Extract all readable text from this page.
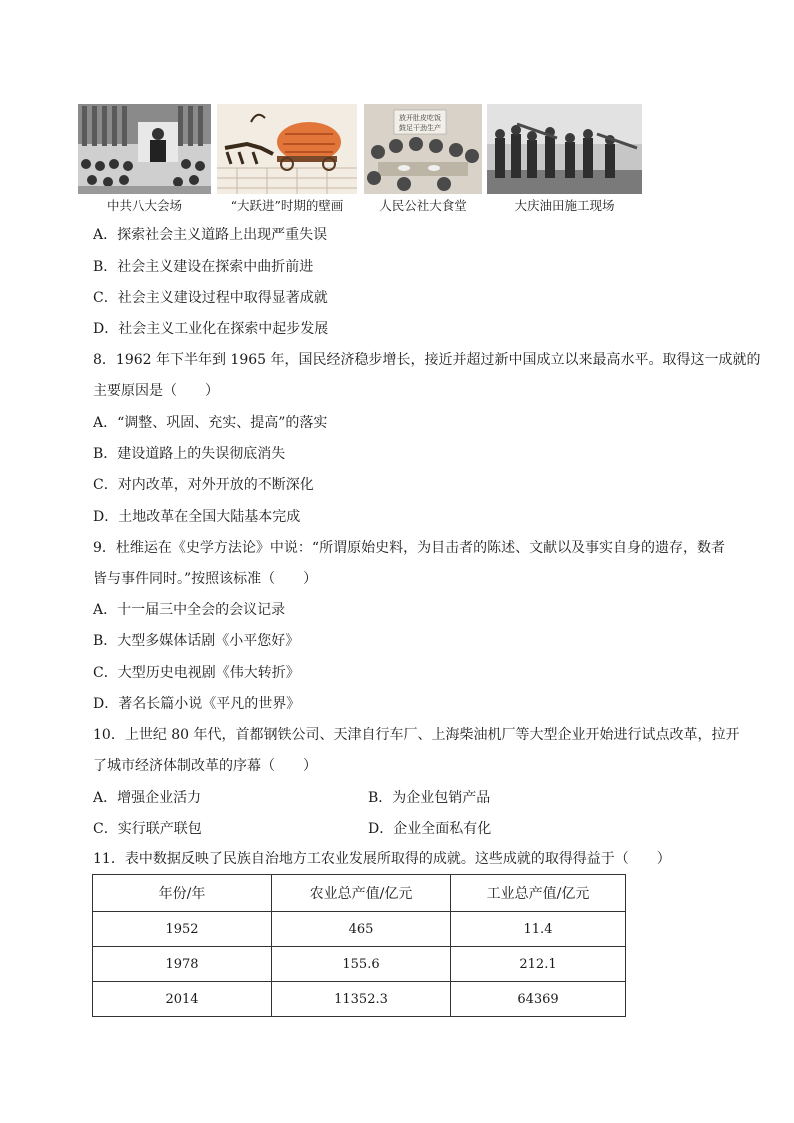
中共八大会场	“大跃进”时期的壁画
放开肚皮吃饭
鼓足干劲生产
人民公社大食堂	大庆油田施工现场
A．探索社会主义道路上出现严重失误
B．社会主义建设在探索中曲折前进
C．社会主义建设过程中取得显著成就
D．社会主义工业化在探索中起步发展
8．1962 年下半年到 1965 年，国民经济稳步增长，接近并超过新中国成立以来最高水平。取得这一成就的
主要原因是（　　）
A．“调整、巩固、充实、提高”的落实
B．建设道路上的失误彻底消失
C．对内改革，对外开放的不断深化
D．土地改革在全国大陆基本完成
9．杜维运在《史学方法论》中说：“所谓原始史料，为目击者的陈述、文献以及事实自身的遗存，数者
皆与事件同时。”按照该标准（　　）
A．十一届三中全会的会议记录
B．大型多媒体话剧《小平您好》
C．大型历史电视剧《伟大转折》
D．著名长篇小说《平凡的世界》
10．上世纪 80 年代，首都钢铁公司、天津自行车厂、上海柴油机厂等大型企业开始进行试点改革，拉开
了城市经济体制改革的序幕（　　）
A．增强企业活力	B．为企业包销产品
C．实行联产联包	D．企业全面私有化
11．表中数据反映了民族自治地方工农业发展所取得的成就。这些成就的取得得益于（　　）
年份/年	农业总产值/亿元	工业总产值/亿元
1952	465	11.4
1978	155.6	212.1
2014	11352.3	64369
